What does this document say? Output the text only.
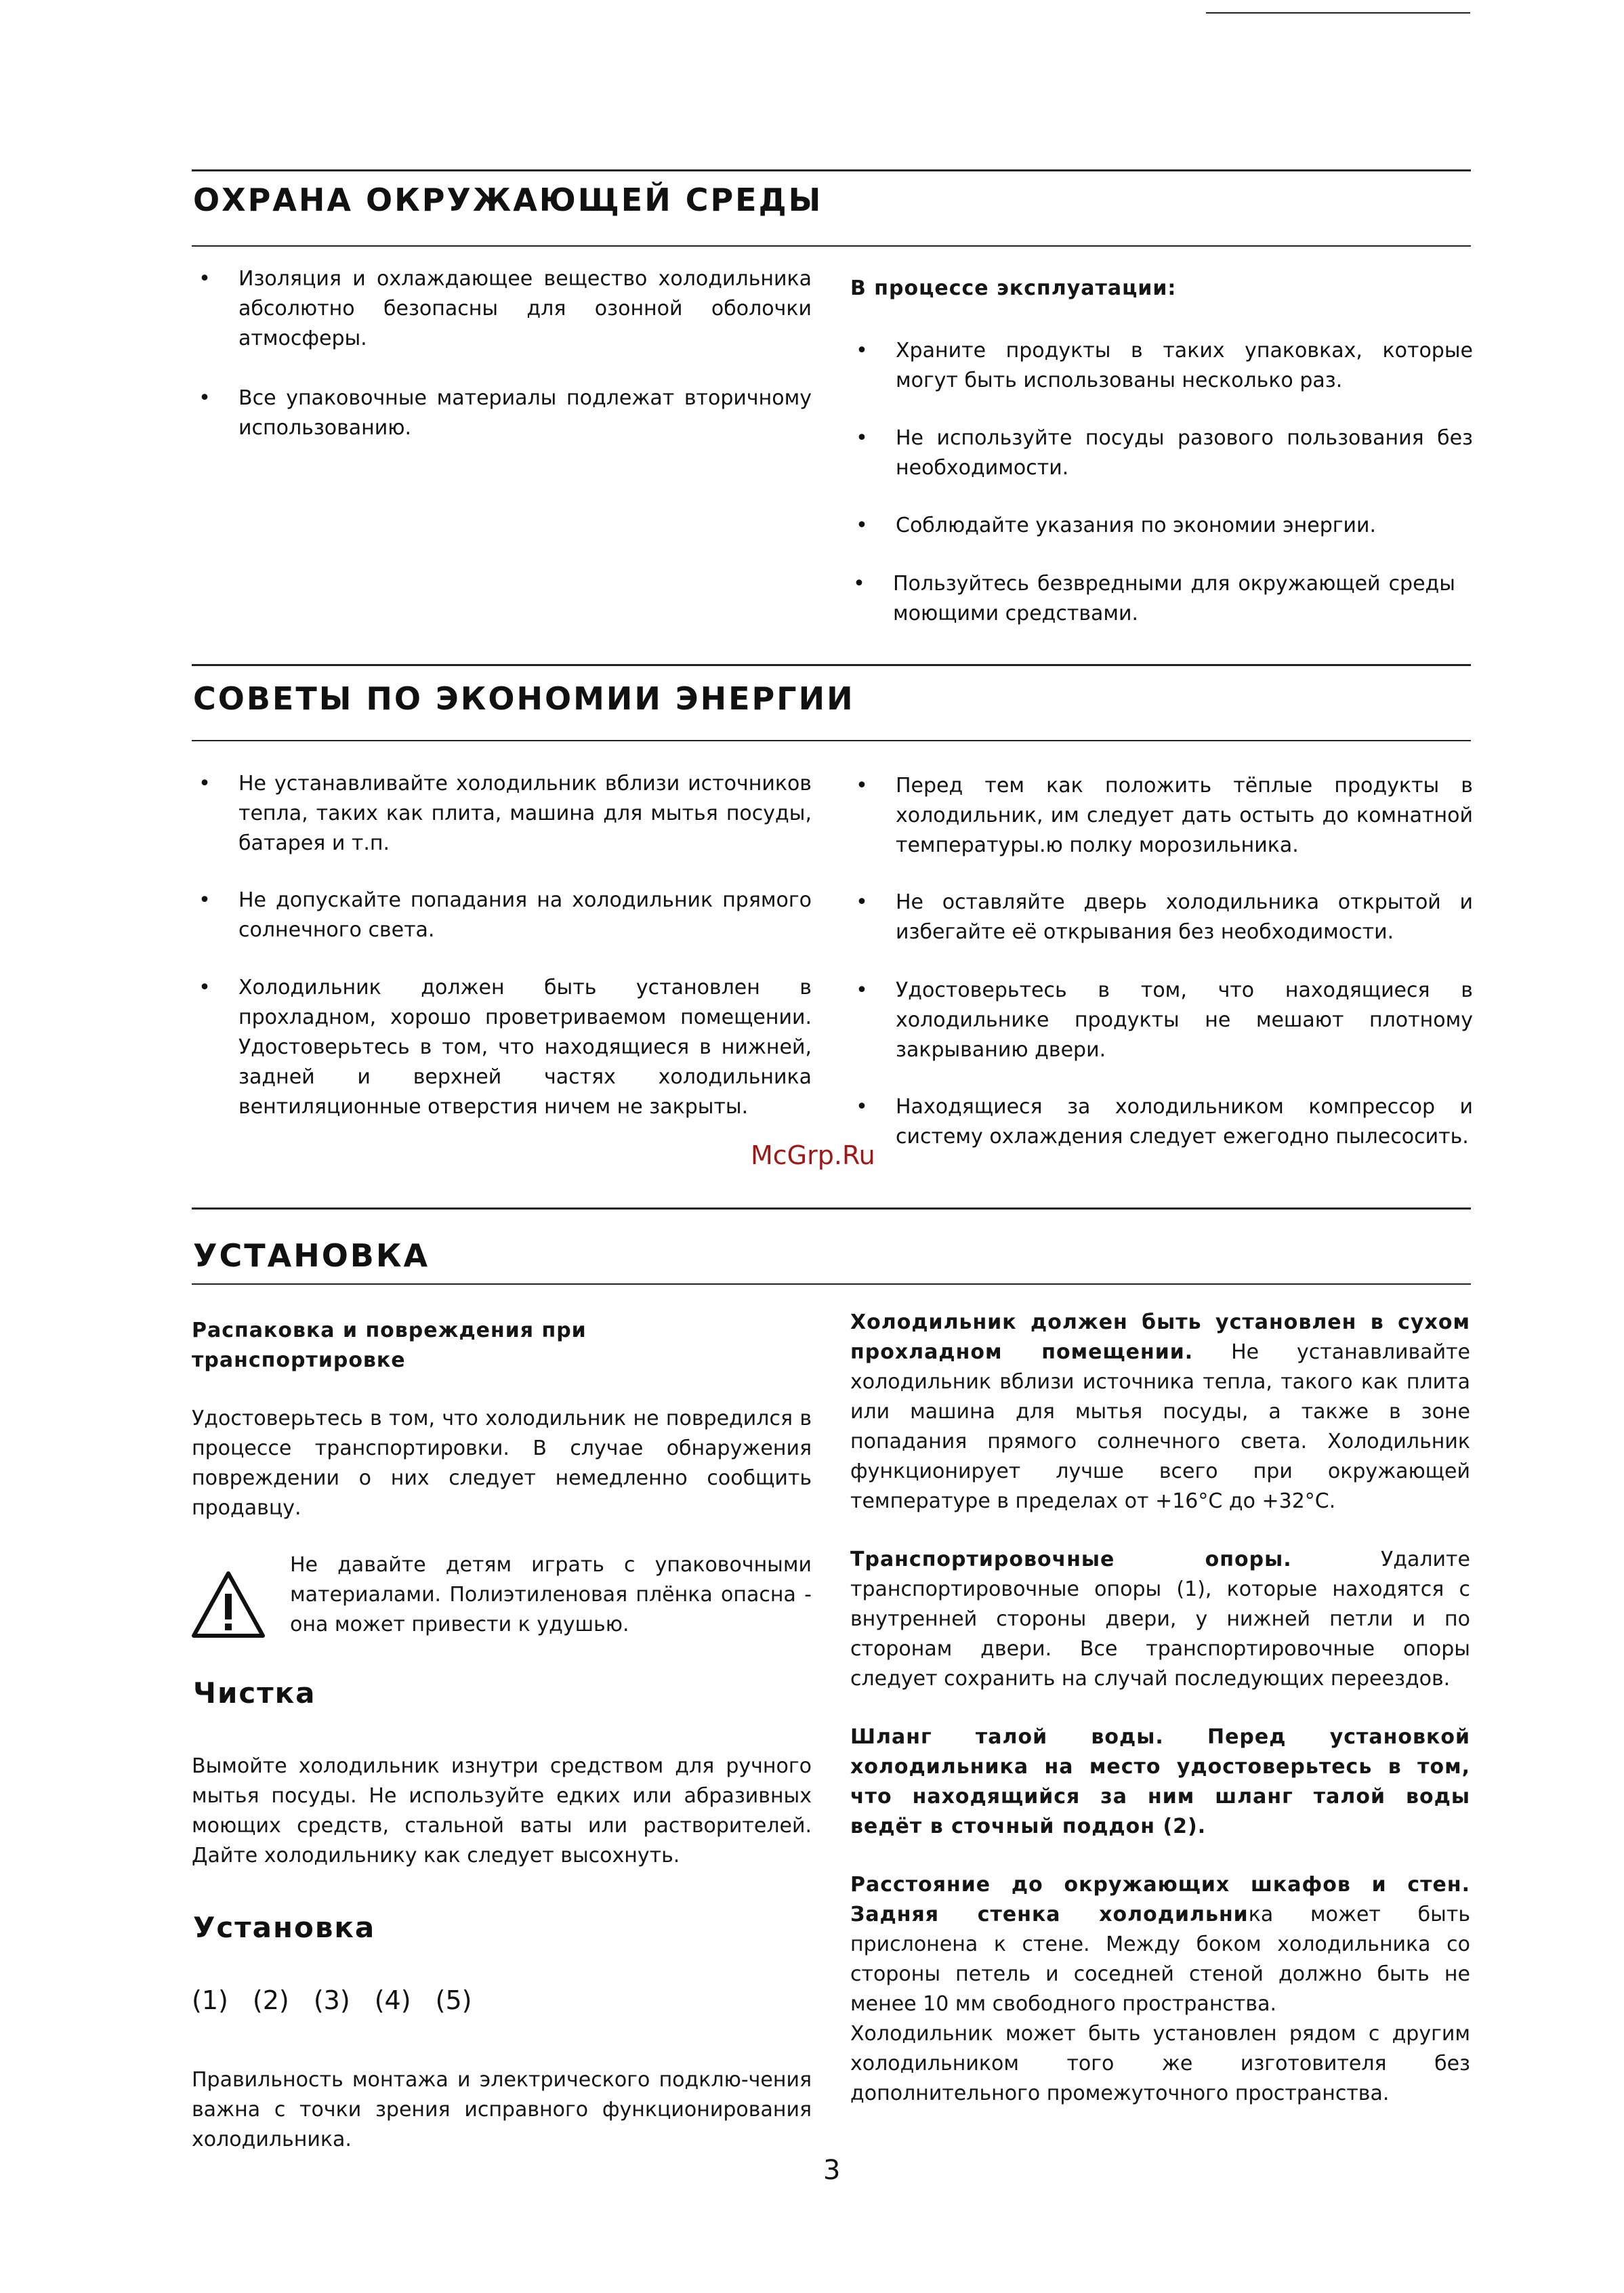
ОХРАНА ОКРУЖАЮЩЕЙ СРЕДЫ
• Изоляция и охлаждающее вещество холодильника абсолютно безопасны для озонной оболочки атмосферы.
• Все упаковочные материалы подлежат вторичному использованию.
В процессе эксплуатации:
• Храните продукты в таких упаковках, которые могут быть использованы несколько раз.
• Не используйте посуды разового пользования без необходимости.
• Соблюдайте указания по экономии энергии.
• Пользуйтесь безвредными для окружающей среды моющими средствами.
СОВЕТЫ ПО ЭКОНОМИИ ЭНЕРГИИ
• Не устанавливайте холодильник вблизи источников тепла, таких как плита, машина для мытья посуды, батарея и т.п.
• Не допускайте попадания на холодильник прямого солнечного света.
• Холодильник должен быть установлен в прохладном, хорошо проветриваемом помещении. Удостоверьтесь в том, что находящиеся в нижней, задней и верхней частях холодильника вентиляционные отверстия ничем не закрыты.
• Перед тем как положить тёплые продукты в холодильник, им следует дать остыть до комнатной температуры.ю полку морозильника.
• Не оставляйте дверь холодильника открытой и избегайте её открывания без необходимости.
• Удостоверьтесь в том, что находящиеся в холодильнике продукты не мешают плотному закрыванию двери.
• Находящиеся за холодильником компрессор и систему охлаждения следует ежегодно пылесосить.
McGrp.Ru
УСТАНОВКА
Распаковка и повреждения при транспортировке
Удостоверьтесь в том, что холодильник не повредился в процессе транспортировки. В случае обнаружения повреждении о них следует немедленно сообщить продавцу.
Не давайте детям играть с упаковочными материалами. Полиэтиленовая плёнка опасна - она может привести к удушью.
Чистка
Вымойте холодильник изнутри средством для ручного мытья посуды. Не используйте едких или абразивных моющих средств, стальной ваты или растворителей. Дайте холодильнику как следует высохнуть.
Установка
(1) (2) (3) (4) (5)
Правильность монтажа и электрического подклю-чения важна с точки зрения исправного функционирования холодильника.
Холодильник должен быть установлен в сухом прохладном помещении. Не устанавливайте холодильник вблизи источника тепла, такого как плита или машина для мытья посуды, а также в зоне попадания прямого солнечного света. Холодильник функционирует лучше всего при окружающей температуре в пределах от +16°С до +32°С.
Транспортировочные опоры. Удалите транспортировочные опоры (1), которые находятся с внутренней стороны двери, у нижней петли и по сторонам двери. Все транспортировочные опоры следует сохранить на случай последующих переездов.
Шланг талой воды. Перед установкой холодильника на место удостоверьтесь в том, что находящийся за ним шланг талой воды ведёт в сточный поддон (2).
Расстояние до окружающих шкафов и стен. Задняя стенка холодильника может быть прислонена к стене. Между боком холодильника со стороны петель и соседней стеной должно быть не менее 10 мм свободного пространства.
Холодильник может быть установлен рядом с другим холодильником того же изготовителя без дополнительного промежуточного пространства.
3
